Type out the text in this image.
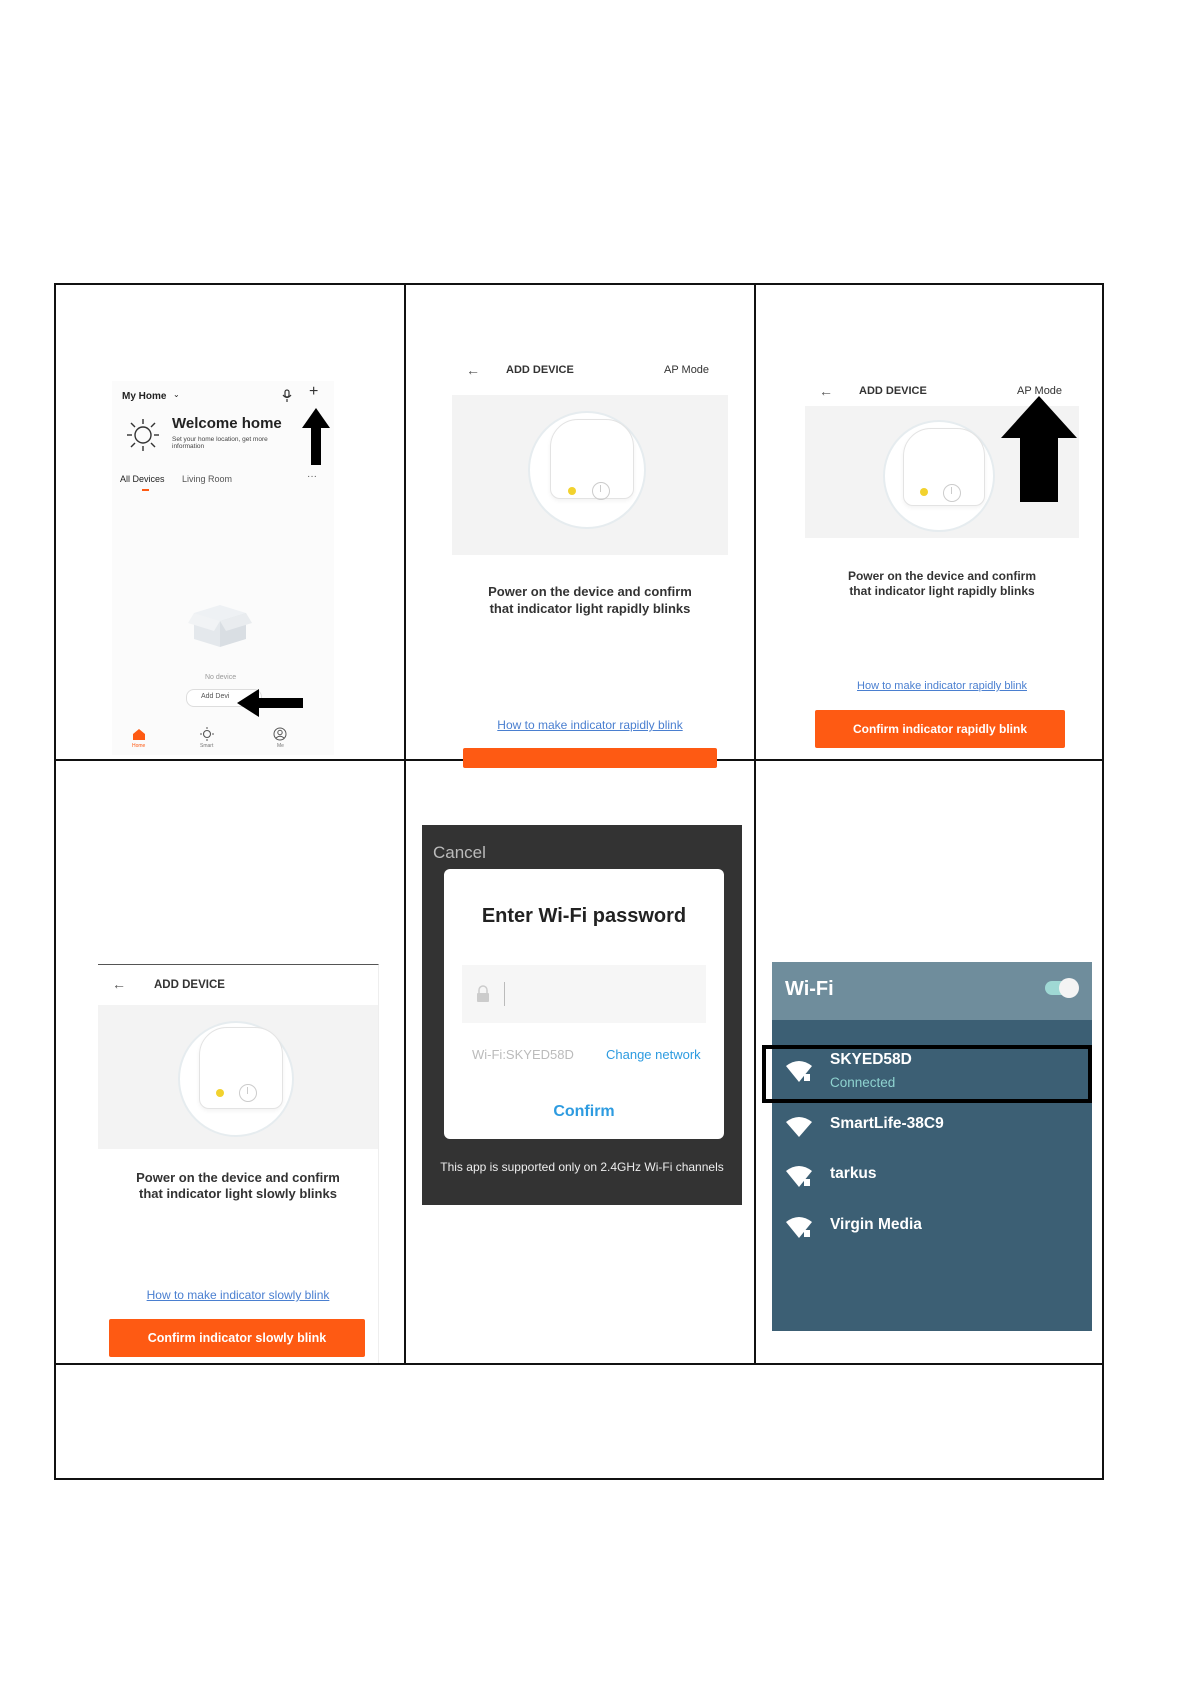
My Home ⌄	+
Welcome home
Set your home location, get more information
All Devices Living Room	···
No device
Add Devi
Home	Smart	Me
← ADD DEVICE	AP Mode
Power on the device and confirm
that indicator light rapidly blinks
How to make indicator rapidly blink
← ADD DEVICE	AP Mode
Power on the device and confirm
that indicator light rapidly blinks
How to make indicator rapidly blink
Confirm indicator rapidly blink
← ADD DEVICE
Power on the device and confirm
that indicator light slowly blinks
How to make indicator slowly blink
Confirm indicator slowly blink
Cancel
Enter Wi-Fi password
Wi-Fi:SKYED58D Change network
Confirm
This app is supported only on 2.4GHz Wi-Fi channels
Wi-Fi
SKYED58D
Connected
SmartLife-38C9
tarkus
Virgin Media
